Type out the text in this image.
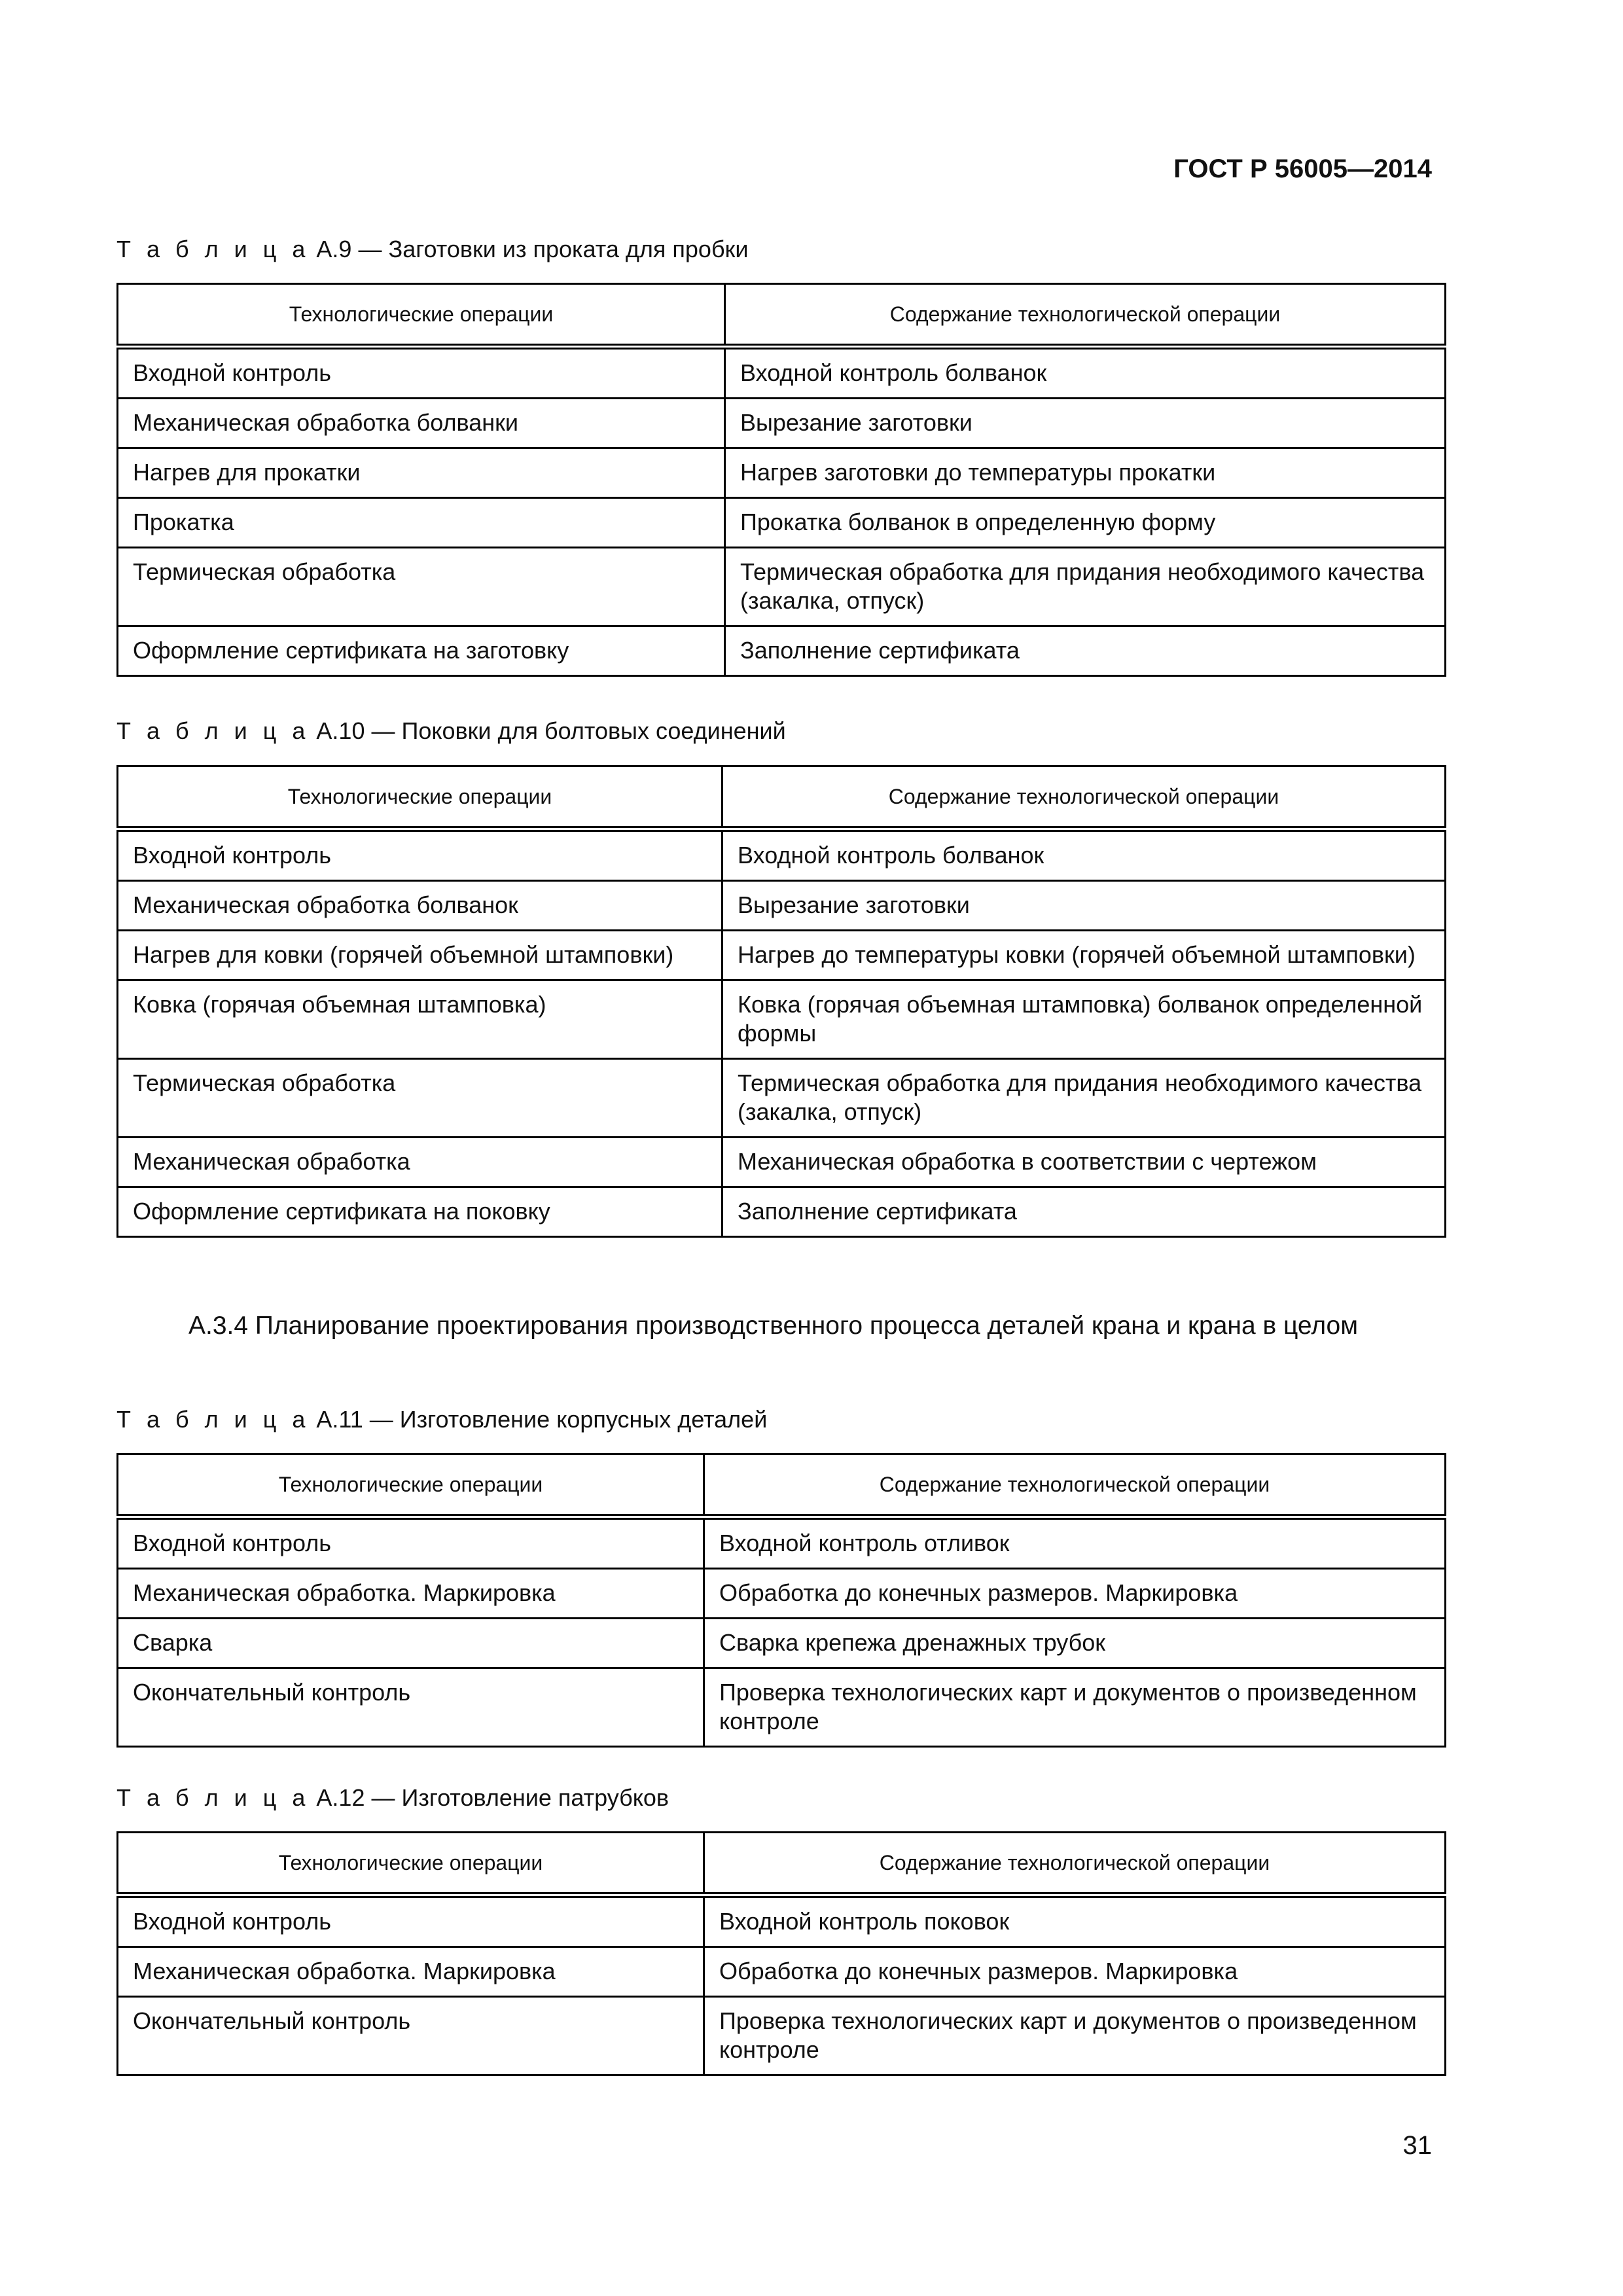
ГОСТ Р 56005—2014
Т а б л и ц а А.9 — Заготовки из проката для пробки
Технологические операции	Содержание технологической операции
Входной контроль	Входной контроль болванок
Механическая обработка болванки	Вырезание заготовки
Нагрев для прокатки	Нагрев заготовки до температуры прокатки
Прокатка	Прокатка болванок в определенную форму
Термическая обработка	Термическая обработка для придания необходимого качества (закалка, отпуск)
Оформление сертификата на заготовку	Заполнение сертификата
Т а б л и ц а А.10 — Поковки для болтовых соединений
Технологические операции	Содержание технологической операции
Входной контроль	Входной контроль болванок
Механическая обработка болванок	Вырезание заготовки
Нагрев для ковки (горячей объемной штамповки)	Нагрев до температуры ковки (горячей объемной штамповки)
Ковка (горячая объемная штамповка)	Ковка (горячая объемная штамповка) болванок определенной формы
Термическая обработка	Термическая обработка для придания необходимого качества (закалка, отпуск)
Механическая обработка	Механическая обработка в соответствии с чертежом
Оформление сертификата на поковку	Заполнение сертификата
А.3.4 Планирование проектирования производственного процесса деталей крана и крана в целом
Т а б л и ц а А.11 — Изготовление корпусных деталей
Технологические операции	Содержание технологической операции
Входной контроль	Входной контроль отливок
Механическая обработка. Маркировка	Обработка до конечных размеров. Маркировка
Сварка	Сварка крепежа дренажных трубок
Окончательный контроль	Проверка технологических карт и документов о произведенном контроле
Т а б л и ц а А.12 — Изготовление патрубков
Технологические операции	Содержание технологической операции
Входной контроль	Входной контроль поковок
Механическая обработка. Маркировка	Обработка до конечных размеров. Маркировка
Окончательный контроль	Проверка технологических карт и документов о произведенном контроле
31
